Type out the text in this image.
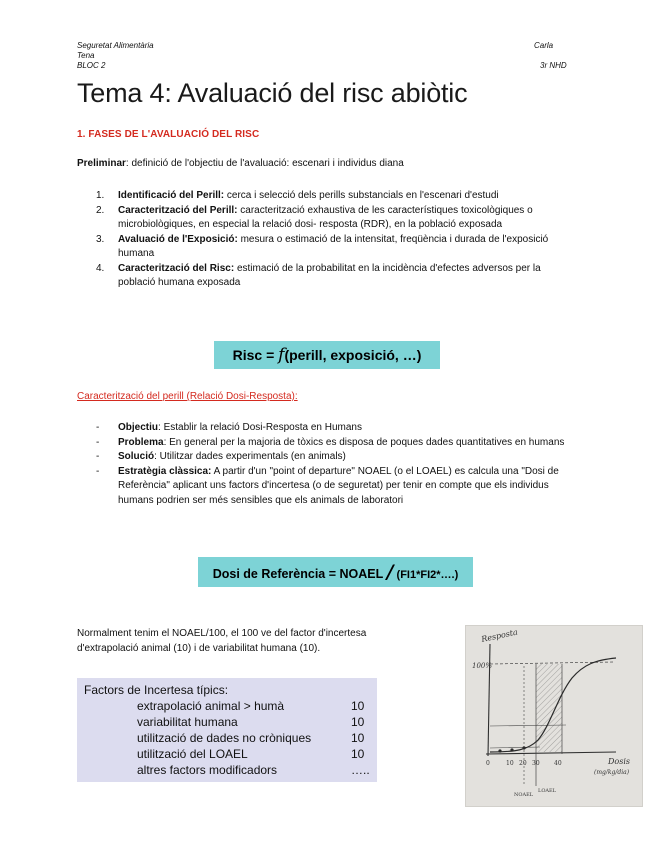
Seguretat Alimentària
Tena
BLOC 2
Carla
3r NHD
Tema 4: Avaluació del risc abiòtic
1. FASES DE L'AVALUACIÓ DEL RISC
Preliminar: definició de l'objectiu de l'avaluació: escenari i individus diana
1. Identificació del Perill: cerca i selecció dels perills substancials en l'escenari d'estudi
2. Caracterització del Perill: caracterització exhaustiva de les característiques toxicològiques o microbiològiques, en especial la relació dosi- resposta (RDR), en la població exposada
3. Avaluació de l'Exposició: mesura o estimació de la intensitat, freqüència i durada de l'exposició humana
4. Caracterització del Risc: estimació de la probabilitat en la incidència d'efectes adversos per la població humana exposada
Risc = f(perill, exposició, …)
Caracterització del perill (Relació Dosi-Resposta):
- Objectiu: Establir la relació Dosi-Resposta en Humans
- Problema: En general per la majoria de tòxics es disposa de poques dades quantitatives en humans
- Solució: Utilitzar dades experimentals (en animals)
- Estratègia clàssica: A partir d'un "point of departure" NOAEL (o el LOAEL) es calcula una "Dosi de Referència" aplicant uns factors d'incertesa (o de seguretat) per tenir en compte que els individus humans podrien ser més sensibles que els animals de laboratori
Dosi de Referència = NOAEL / (FI1*FI2*….)
Normalment tenim el NOAEL/100, el 100 ve del factor d'incertesa d'extrapolació animal (10) i de variabilitat humana (10).
Factors de Incertesa típics:
extrapolació animal > humà	10
variabilitat humana	10
utilització de dades no cròniques	10
utilització del LOAEL	10
altres factors modificadors	…..
Resposta
100%
Dosis
(mg/kg/dia)
0	10 20 30 40
NOAEL
LOAEL
